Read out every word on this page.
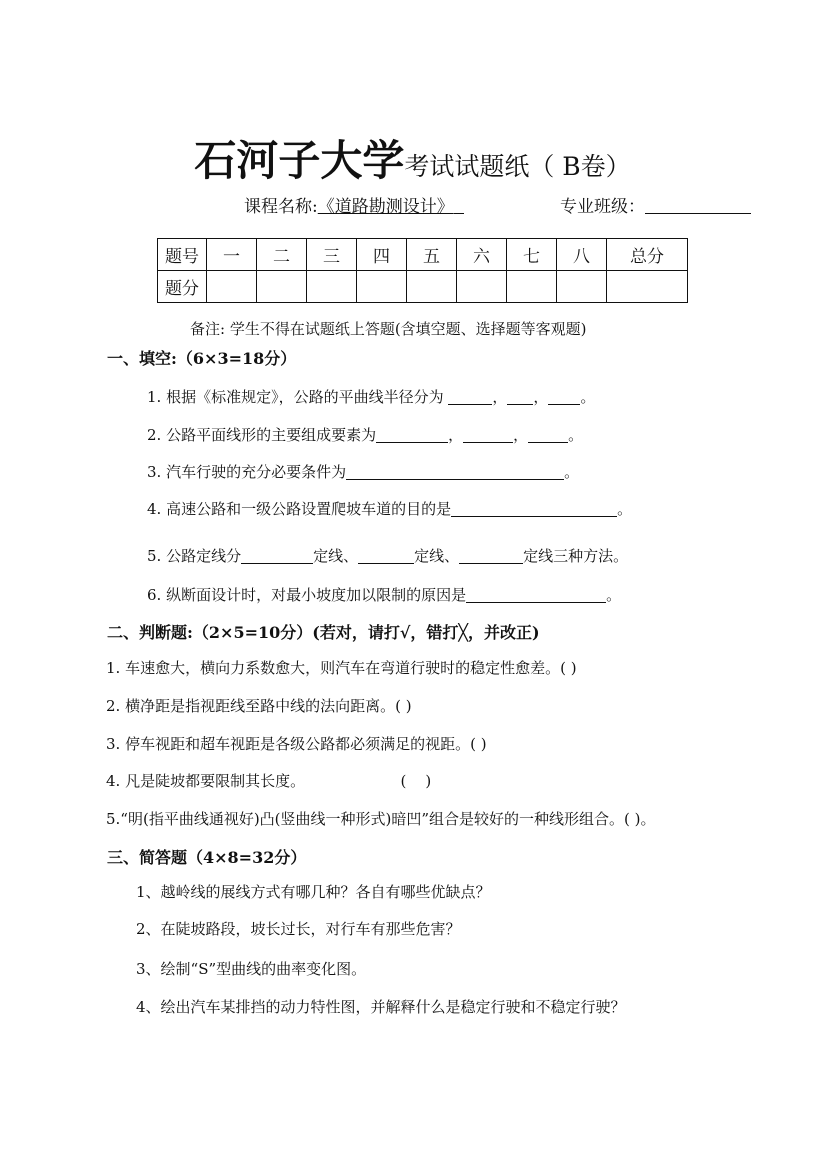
石河子大学考试试题纸（ B卷）
课程名称:《道路勘测设计》	专业班级：
题号	一	二	三	四	五	六	七	八	总分
题分									
备注: 学生不得在试题纸上答题(含填空题、选择题等客观题)
一、填空:（6×3=18分）
1. 根据《标准规定》，公路的平曲线半径分为	， ， 。
2. 公路平面线形的主要组成要素为	，	，	。
3. 汽车行驶的充分必要条件为	。
4. 高速公路和一级公路设置爬坡车道的目的是	。
5. 公路定线分	定线、	定线、	定线三种方法。
6. 纵断面设计时，对最小坡度加以限制的原因是	。
二、判断题:（2×5=10分）(若对，请打√，错打╳，并改正)
1. 车速愈大，横向力系数愈大，则汽车在弯道行驶时的稳定性愈差。( )
2. 横净距是指视距线至路中线的法向距离。( )
3. 停车视距和超车视距是各级公路都必须满足的视距。( )
4. 凡是陡坡都要限制其长度。                    (    )
5.“明(指平曲线通视好)凸(竖曲线一种形式)暗凹”组合是较好的一种线形组合。( )。
三、简答题（4×8=32分）
1、越岭线的展线方式有哪几种？各自有哪些优缺点？
2、在陡坡路段，坡长过长，对行车有那些危害？
3、绘制“S”型曲线的曲率变化图。
4、绘出汽车某排挡的动力特性图，并解释什么是稳定行驶和不稳定行驶？
